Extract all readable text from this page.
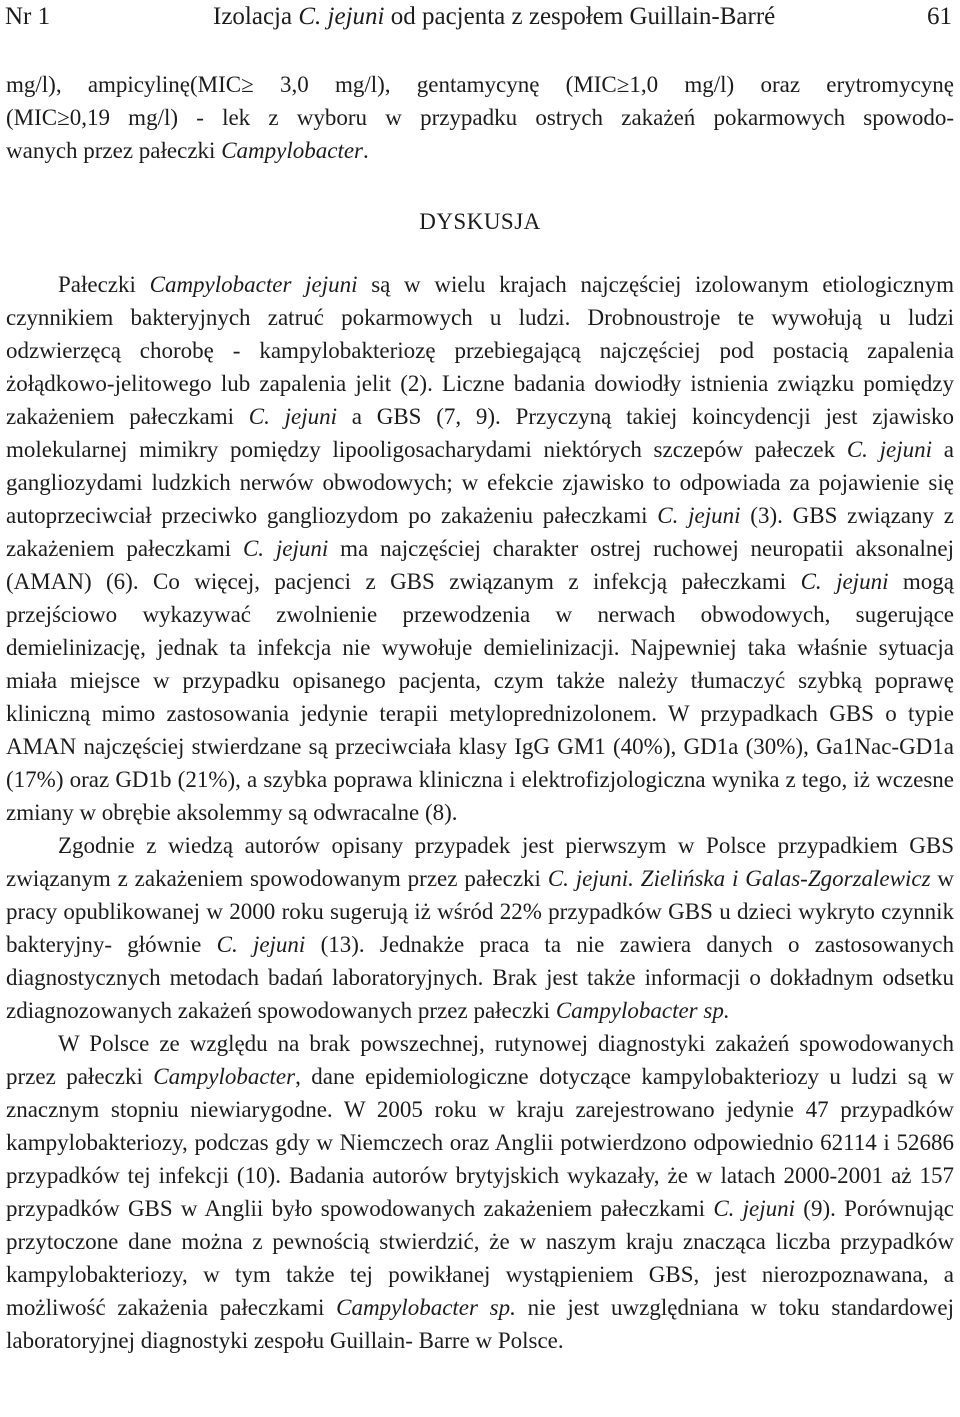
Nr 1	Izolacja C. jejuni od pacjenta z zespołem Guillain-Barré	61
mg/l), ampicylinę(MIC≥ 3,0 mg/l), gentamycynę (MIC≥1,0 mg/l) oraz erytromycynę
(MIC≥0,19 mg/l) - lek z wyboru w przypadku ostrych zakażeń pokarmowych spowodo-
wanych przez pałeczki Campylobacter.
DYSKUSJA

Pałeczki Campylobacter jejuni są w wielu krajach najczęściej izolowanym etiologicznym czynnikiem bakteryjnych zatruć pokarmowych u ludzi. Drobnoustroje te wywołują u ludzi odzwierzęcą chorobę - kampylobakteriozę przebiegającą najczęściej pod postacią zapalenia żołądkowo-jelitowego lub zapalenia jelit (2). Liczne badania dowiodły istnienia związku pomiędzy zakażeniem pałeczkami C. jejuni a GBS (7, 9). Przyczyną takiej koincydencji jest zjawisko molekularnej mimikry pomiędzy lipooligosacharydami niektórych szczepów pałeczek C. jejuni a gangliozydami ludzkich nerwów obwodowych; w efekcie zjawisko to odpowiada za pojawienie się autoprzeciwciał przeciwko gangliozydom po zakażeniu pałeczkami C. jejuni (3). GBS związany z zakażeniem pałeczkami C. jejuni ma najczęściej charakter ostrej ruchowej neuropatii aksonalnej (AMAN) (6). Co więcej, pacjenci z GBS związanym z infekcją pałeczkami C. jejuni mogą przejściowo wykazywać zwolnienie przewodzenia w nerwach obwodowych, sugerujące demielinizację, jednak ta infekcja nie wywołuje demielinizacji. Najpewniej taka właśnie sytuacja miała miejsce w przypadku opisanego pacjenta, czym także należy tłumaczyć szybką poprawę kliniczną mimo zastosowania jedynie terapii metyloprednizolonem. W przypadkach GBS o typie AMAN najczęściej stwierdzane są przeciwciała klasy IgG GM1 (40%), GD1a (30%), Ga1Nac-GD1a (17%) oraz GD1b (21%), a szybka poprawa kliniczna i elektrofizjologiczna wynika z tego, iż wczesne zmiany w obrębie aksolemmy są odwracalne (8).

Zgodnie z wiedzą autorów opisany przypadek jest pierwszym w Polsce przypadkiem GBS związanym z zakażeniem spowodowanym przez pałeczki C. jejuni. Zielińska i Galas-Zgorzalewicz w pracy opublikowanej w 2000 roku sugerują iż wśród 22% przypadków GBS u dzieci wykryto czynnik bakteryjny- głównie C. jejuni (13). Jednakże praca ta nie zawiera danych o zastosowanych diagnostycznych metodach badań laboratoryjnych. Brak jest także informacji o dokładnym odsetku zdiagnozowanych zakażeń spowodowanych przez pałeczki Campylobacter sp.

W Polsce ze względu na brak powszechnej, rutynowej diagnostyki zakażeń spowodowanych przez pałeczki Campylobacter, dane epidemiologiczne dotyczące kampylobakteriozy u ludzi są w znacznym stopniu niewiarygodne. W 2005 roku w kraju zarejestrowano jedynie 47 przypadków kampylobakteriozy, podczas gdy w Niemczech oraz Anglii potwierdzono odpowiednio 62114 i 52686 przypadków tej infekcji (10). Badania autorów brytyjskich wykazały, że w latach 2000-2001 aż 157 przypadków GBS w Anglii było spowodowanych zakażeniem pałeczkami C. jejuni (9). Porównując przytoczone dane można z pewnością stwierdzić, że w naszym kraju znacząca liczba przypadków kampylobakteriozy, w tym także tej powikłanej wystąpieniem GBS, jest nierozpoznawana, a możliwość zakażenia pałeczkami Campylobacter sp. nie jest uwzględniana w toku standardowej laboratoryjnej diagnostyki zespołu Guillain- Barre w Polsce.
